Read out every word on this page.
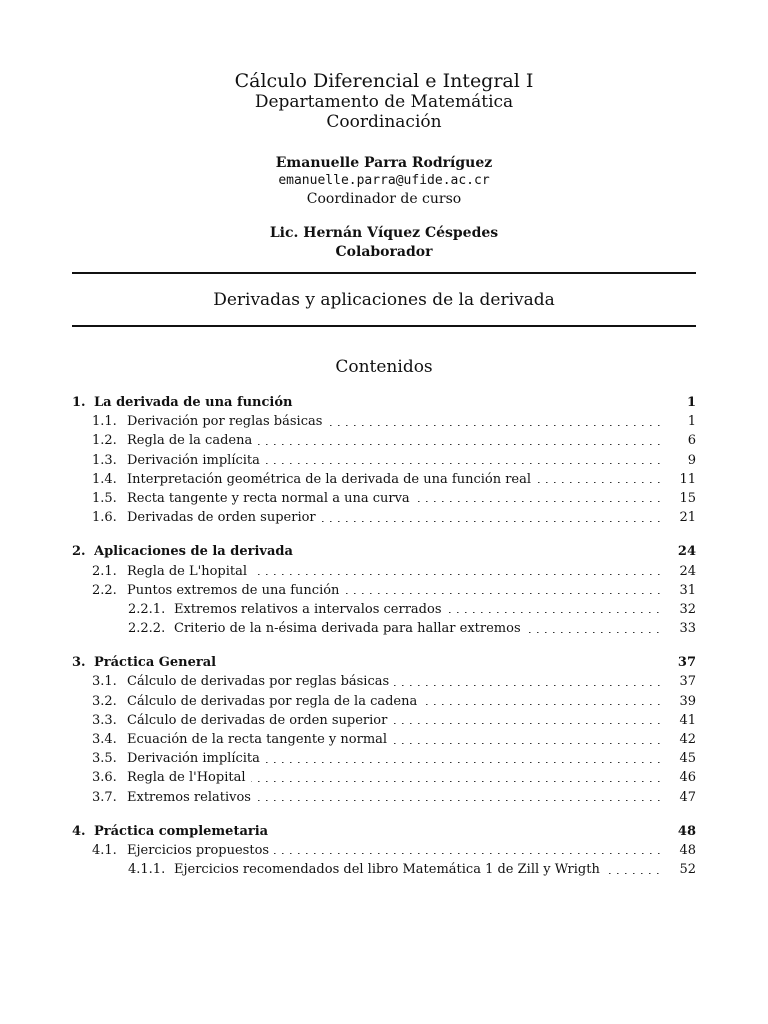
Cálculo Diferencial e Integral I
Departamento de Matemática
Coordinación
Emanuelle Parra Rodríguez
emanuelle.parra@ufide.ac.cr
Coordinador de curso
Lic. Hernán Víquez Céspedes
Colaborador
Derivadas y aplicaciones de la derivada
Contenidos
1. La derivada de una función	1
1.1. Derivación por reglas básicas	1
1.2. Regla de la cadena	6
1.3. Derivación implícita	9
1.4. Interpretación geométrica de la derivada de una función real	11
1.5. Recta tangente y recta normal a una curva	15
1.6. Derivadas de orden superior	21
2. Aplicaciones de la derivada	24
2.1. Regla de L'hopital	24
2.2. Puntos extremos de una función	31
2.2.1. Extremos relativos a intervalos cerrados	32
2.2.2. Criterio de la n-ésima derivada para hallar extremos	33
3. Práctica General	37
3.1. Cálculo de derivadas por reglas básicas	37
3.2. Cálculo de derivadas por regla de la cadena	39
3.3. Cálculo de derivadas de orden superior	41
3.4. Ecuación de la recta tangente y normal	42
3.5. Derivación implícita	45
3.6. Regla de l'Hopital	46
3.7. Extremos relativos	47
4. Práctica complemetaria	48
4.1. Ejercicios propuestos	48
4.1.1. Ejercicios recomendados del libro Matemática 1 de Zill y Wrigth	52
